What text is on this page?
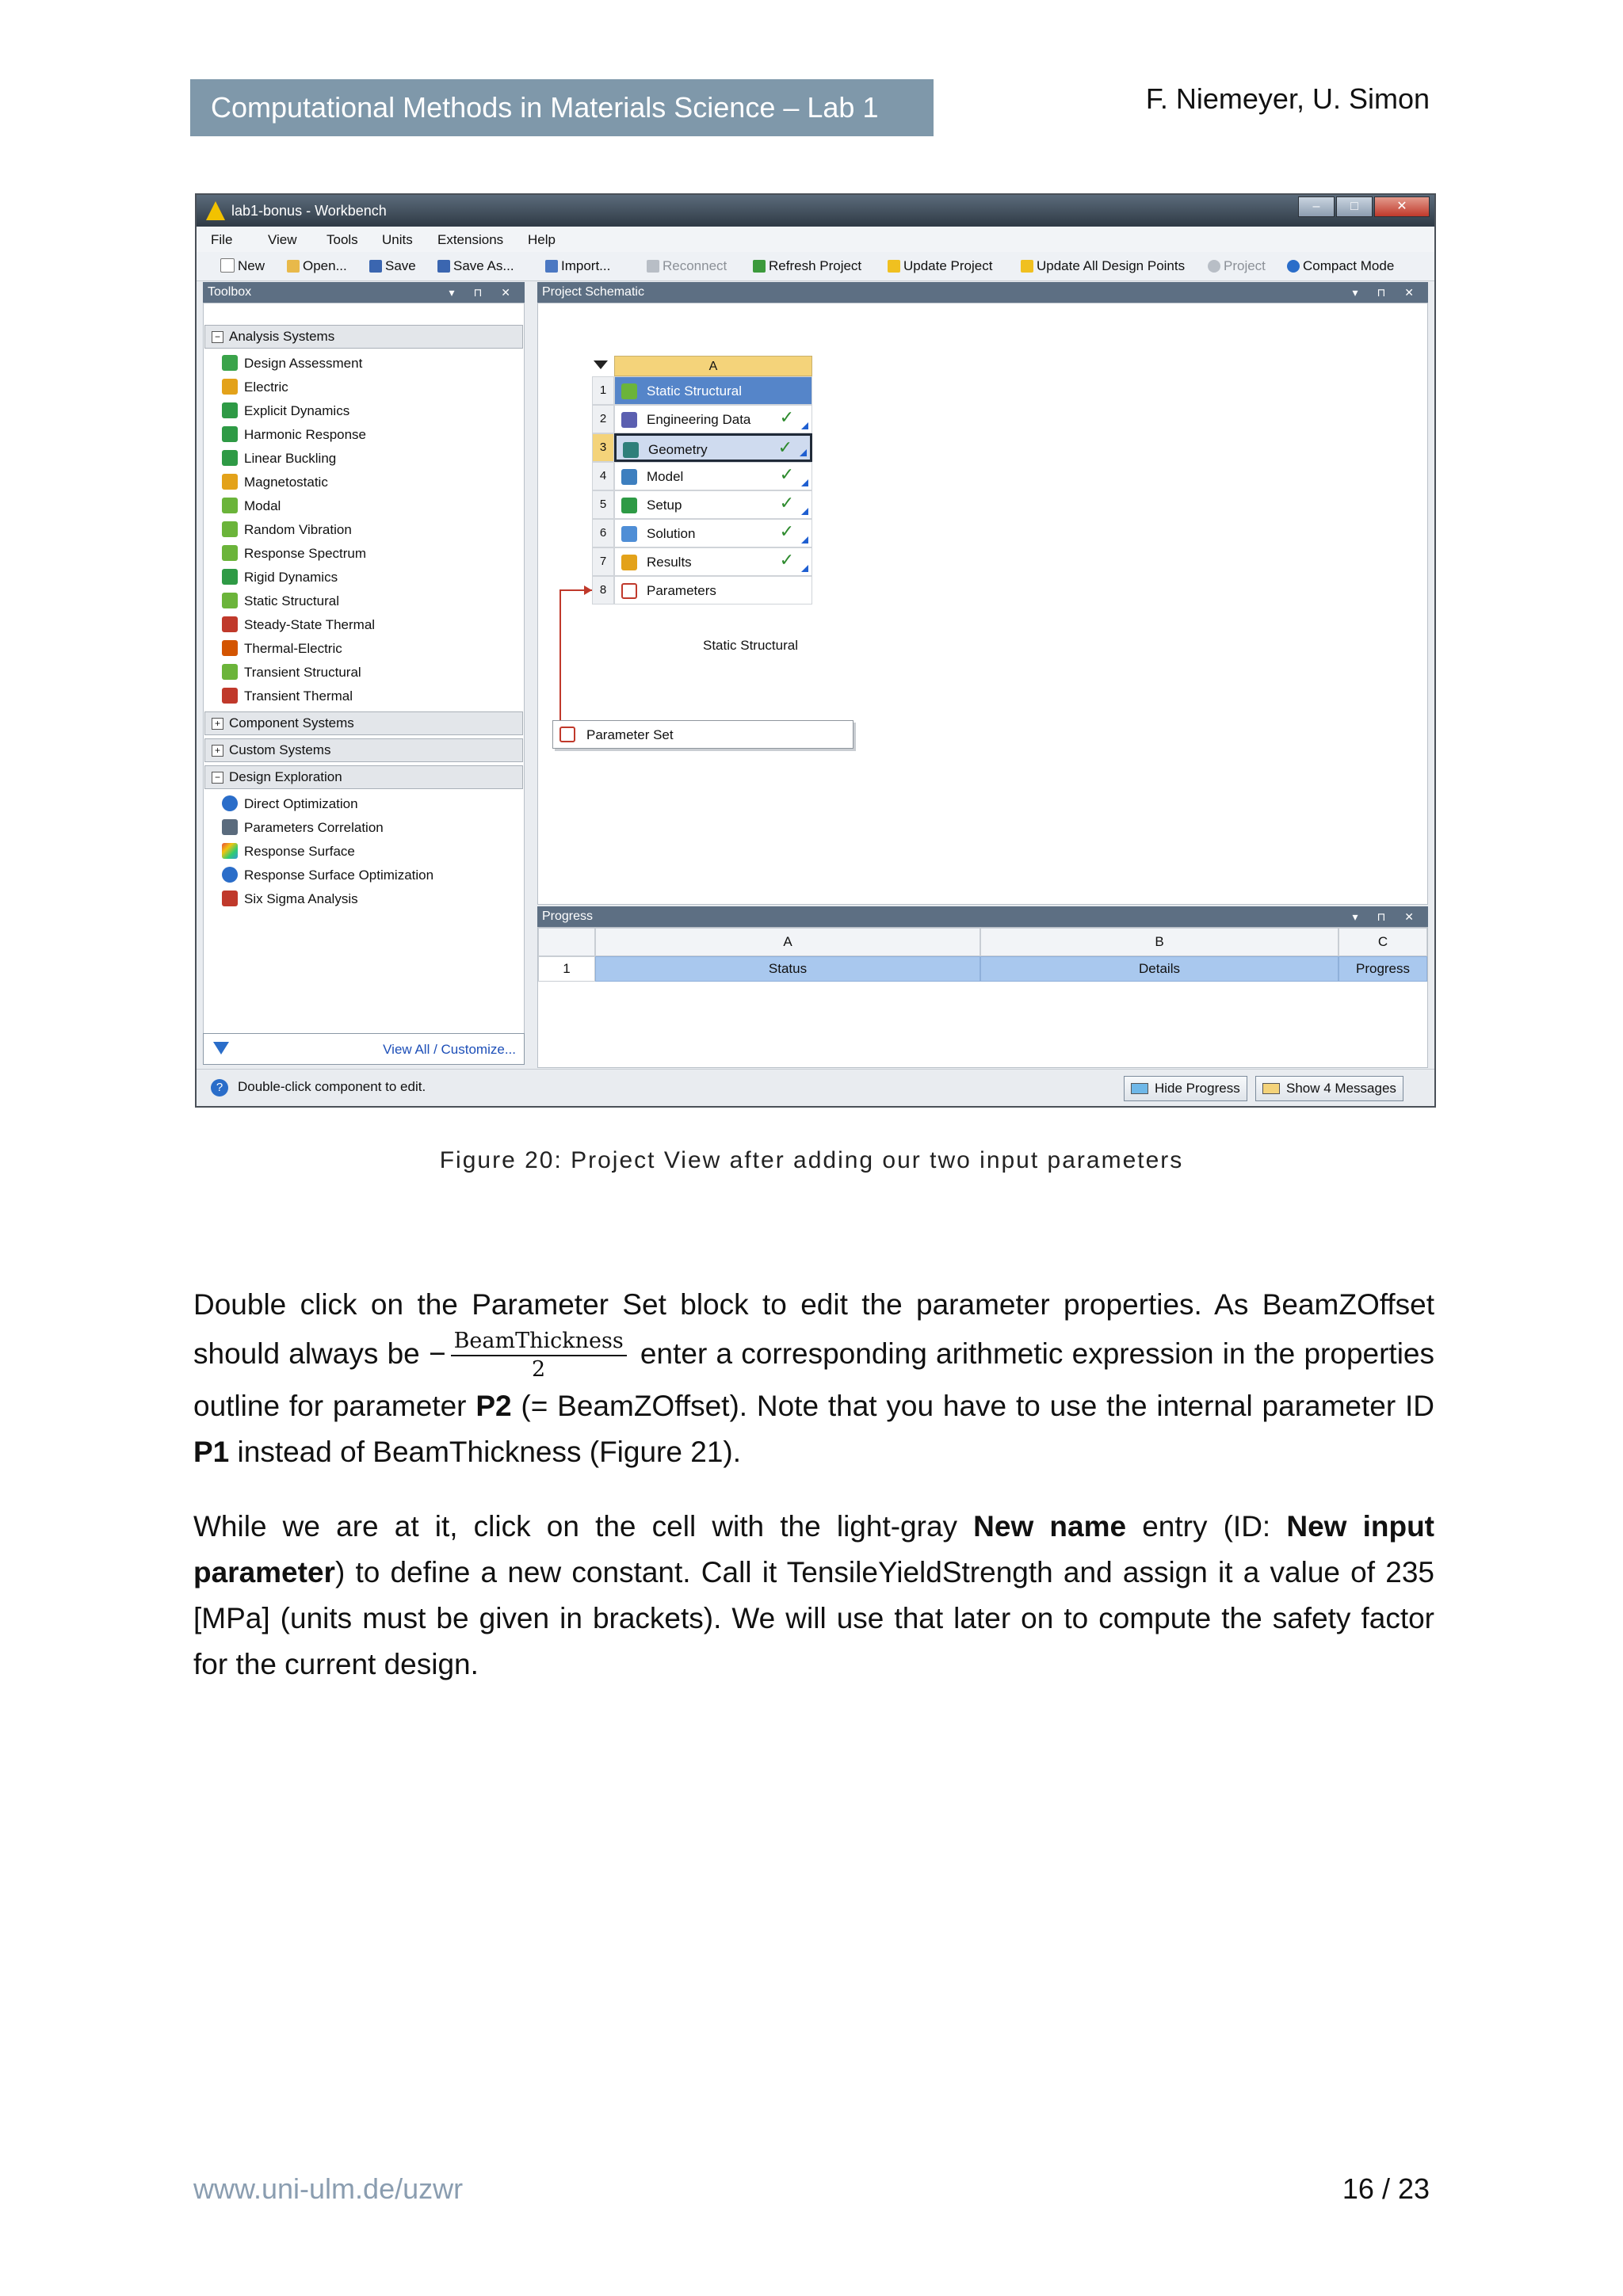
Computational Methods in Materials Science – Lab 1	F. Niemeyer, U. Simon
lab1-bonus - Workbench	–	□	✕
File	View Tools Units Extensions Help
New	Open...	Save	Save As...	Import...	Reconnect	Refresh Project	Update Project	Update All Design Points	Project	Compact Mode
Toolbox	▾ ⊓ ✕
− Analysis Systems
Design Assessment
Electric
Explicit Dynamics
Harmonic Response
Linear Buckling
Magnetostatic
Modal
Random Vibration
Response Spectrum
Rigid Dynamics
Static Structural
Steady-State Thermal
Thermal-Electric
Transient Structural
Transient Thermal
+ Component Systems
+ Custom Systems
− Design Exploration
Direct Optimization
Parameters Correlation
Response Surface
Response Surface Optimization
Six Sigma Analysis
View All / Customize...
Project Schematic	▾ ⊓ ✕
A
1	Static Structural
2	Engineering Data ✓
3	Geometry	✓
4	Model	✓
5	Setup	✓
6	Solution	✓
7	Results	✓
8	Parameters
Static Structural
Parameter Set
Progress	▾ ⊓ ✕
A	B	C
1	Status	Details	Progress
?	Double-click component to edit.	Hide Progress	Show 4 Messages
Figure 20: Project View after adding our two input parameters
Double click on the Parameter Set block to edit the parameter properties. As BeamZOffset should always be − $\frac{\text{BeamThickness}}{2}$ enter a corresponding arithmetic expression in the properties outline for parameter P2 (= BeamZOffset). Note that you have to use the internal parameter ID P1 instead of BeamThickness (Figure 21).
While we are at it, click on the cell with the light-gray New name entry (ID: New input parameter) to define a new constant. Call it TensileYieldStrength and assign it a value of 235 [MPa] (units must be given in brackets). We will use that later on to compute the safety factor for the current design.
www.uni-ulm.de/uzwr	16 / 23
